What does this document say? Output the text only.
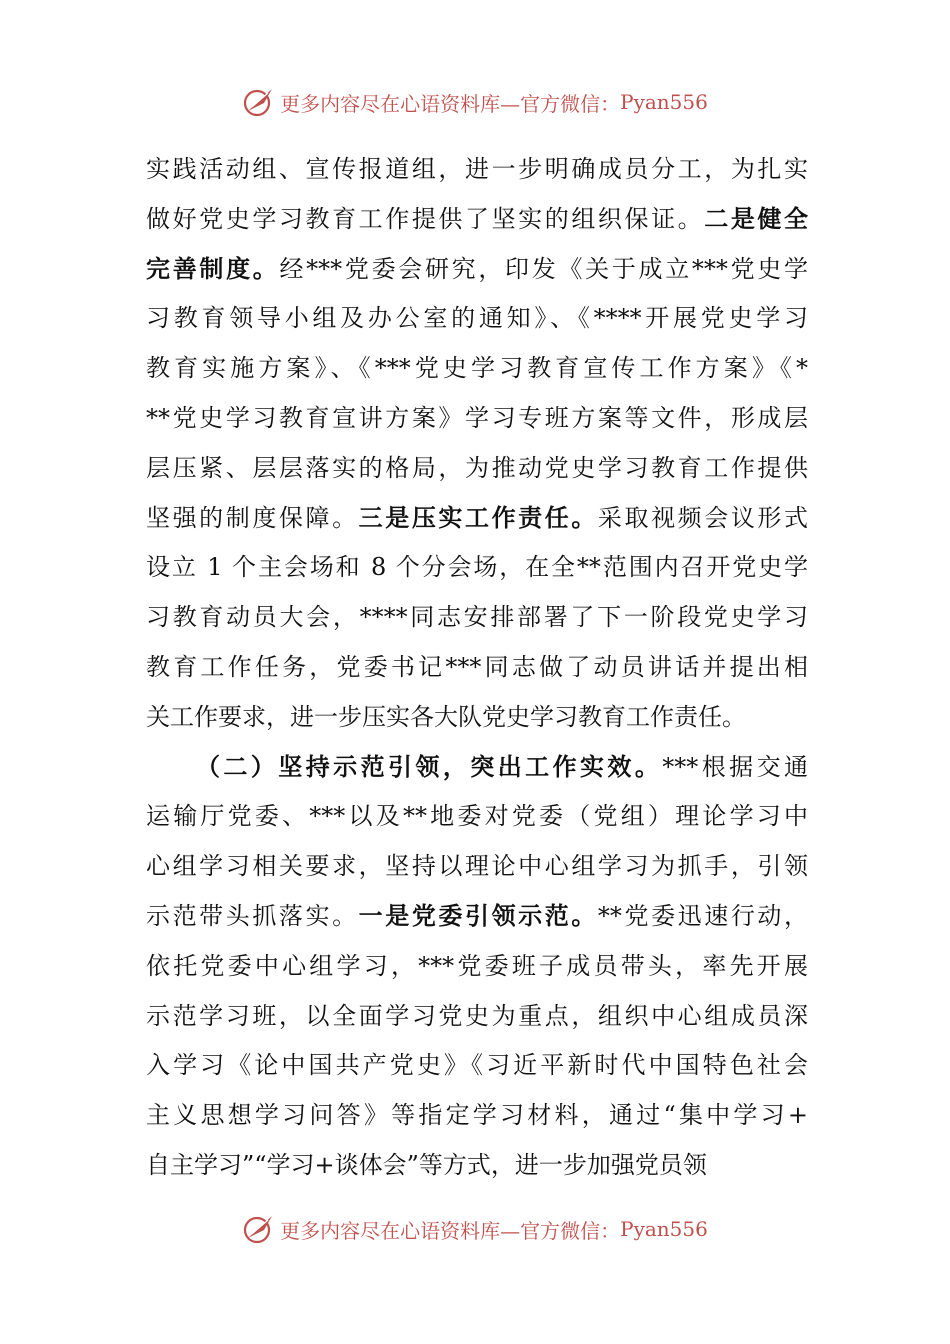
更多内容尽在心语资料库—官方微信： Pyan556
实践活动组、宣传报道组，进一步明确成员分工，为扎实
做好党史学习教育工作提供了坚实的组织保证。二是健全
完善制度。经***党委会研究，印发《关于成立***党史学
习教育领导小组及办公室的通知》、《****开展党史学习
教育实施方案》、《***党史学习教育宣传工作方案》《*
**党史学习教育宣讲方案》学习专班方案等文件，形成层
层压紧、层层落实的格局，为推动党史学习教育工作提供
坚强的制度保障。三是压实工作责任。采取视频会议形式
设立 1 个主会场和 8 个分会场，在全**范围内召开党史学
习教育动员大会，****同志安排部署了下一阶段党史学习
教育工作任务，党委书记***同志做了动员讲话并提出相
关工作要求，进一步压实各大队党史学习教育工作责任。
（二）坚持示范引领，突出工作实效。***根据交通
运输厅党委、***以及**地委对党委（党组）理论学习中
心组学习相关要求，坚持以理论中心组学习为抓手，引领
示范带头抓落实。一是党委引领示范。**党委迅速行动，
依托党委中心组学习，***党委班子成员带头，率先开展
示范学习班，以全面学习党史为重点，组织中心组成员深
入学习《论中国共产党史》《习近平新时代中国特色社会
主义思想学习问答》等指定学习材料，通过“集中学习+
自主学习”“学习+谈体会”等方式，进一步加强党员领
更多内容尽在心语资料库—官方微信： Pyan556
